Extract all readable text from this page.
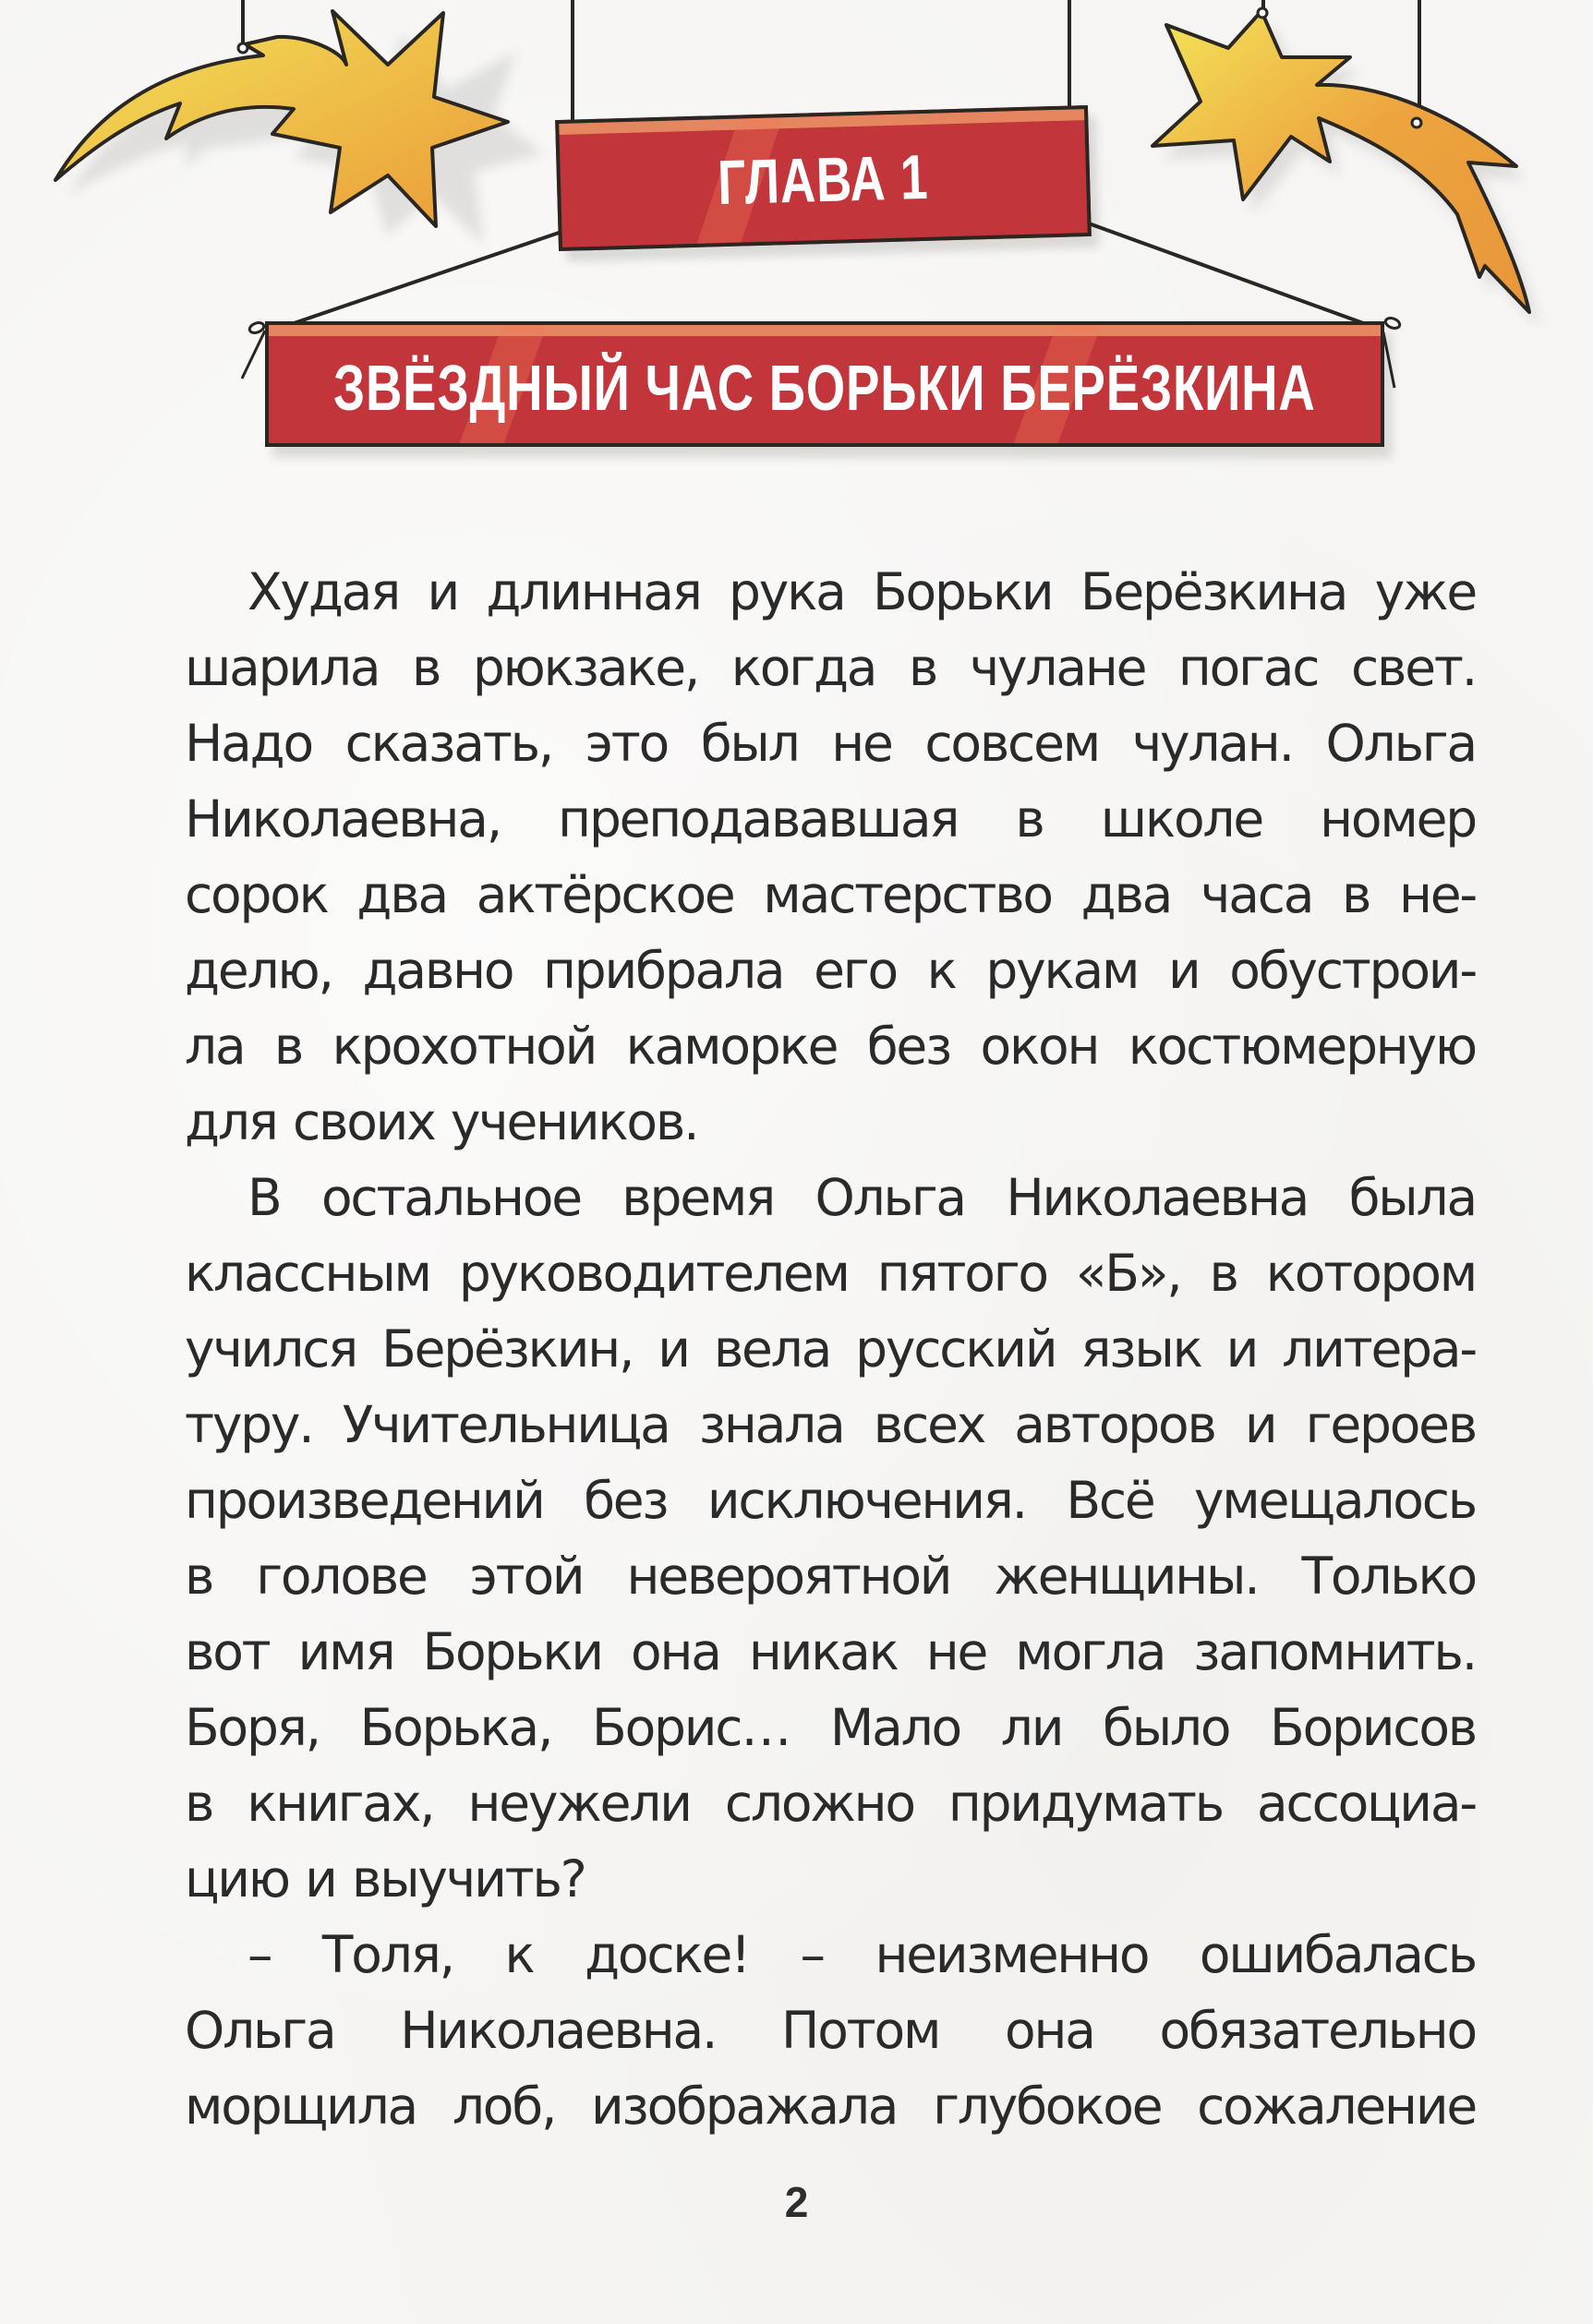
ГЛАВА 1
ЗВЁЗДНЫЙ ЧАС БОРЬКИ БЕРЁЗКИНА
Худая и длинная рука Борьки Берёзкина уже
шарила в рюкзаке, когда в чулане погас свет.
Надо сказать, это был не совсем чулан. Ольга
Николаевна, преподававшая в школе номер
сорок два актёрское мастерство два часа в не-
делю, давно прибрала его к рукам и обустрои-
ла в крохотной каморке без окон костюмерную
для своих учеников.
В остальное время Ольга Николаевна была
классным руководителем пятого «Б», в котором
учился Берёзкин, и вела русский язык и литера-
туру. Учительница знала всех авторов и героев
произведений без исключения. Всё умещалось
в голове этой невероятной женщины. Только
вот имя Борьки она никак не могла запомнить.
Боря, Борька, Борис… Мало ли было Борисов
в книгах, неужели сложно придумать ассоциа-
цию и выучить?
– Толя, к доске! – неизменно ошибалась
Ольга Николаевна. Потом она обязательно
морщила лоб, изображала глубокое сожаление
2
